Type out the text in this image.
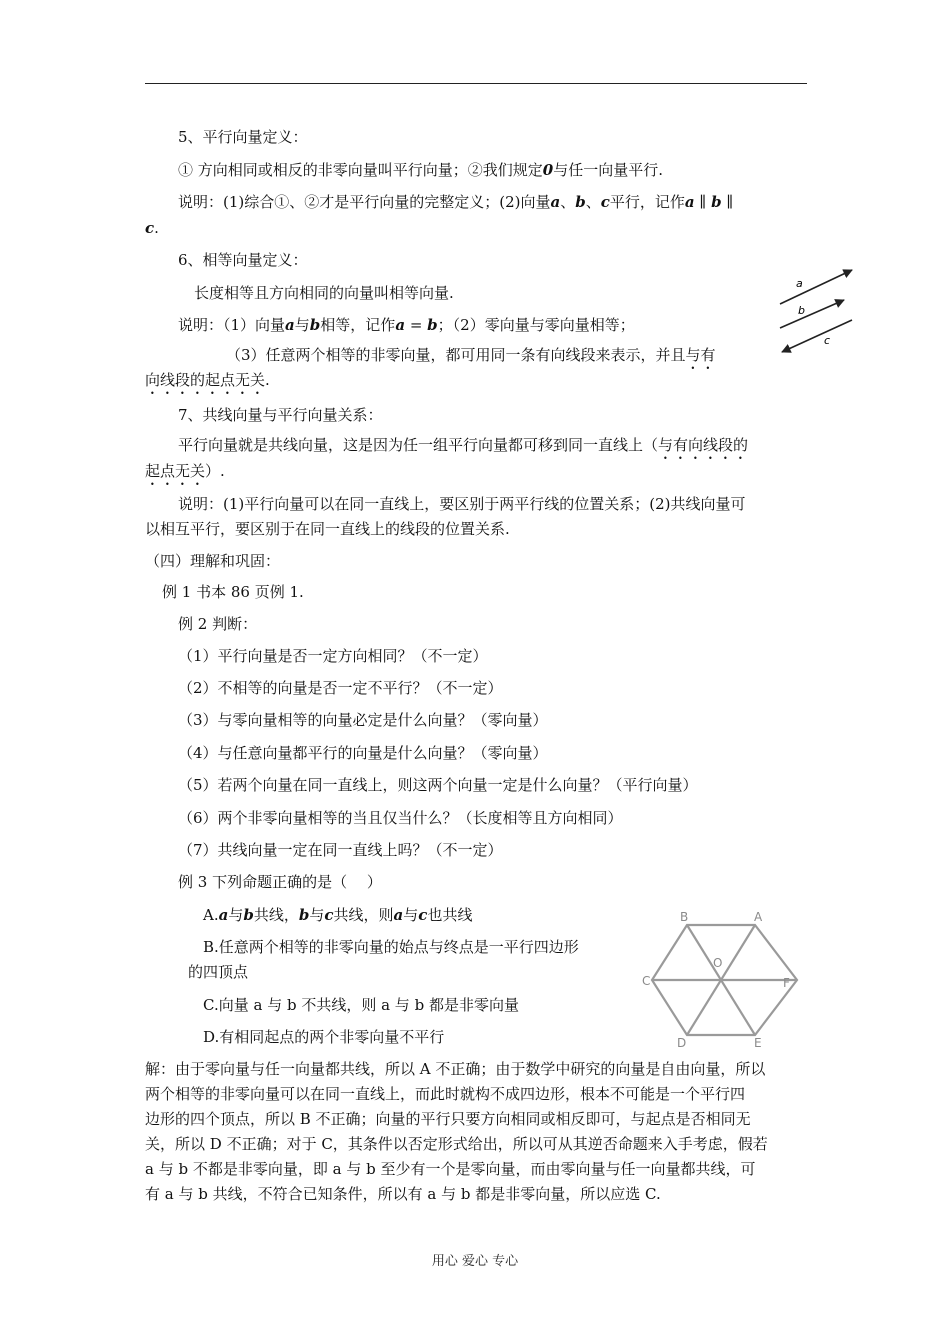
5、平行向量定义：
① 方向相同或相反的非零向量叫平行向量；②我们规定0与任一向量平行.
说明：(1)综合①、②才是平行向量的完整定义；(2)向量a、b、c平行，记作a ∥ b ∥
c.
6、相等向量定义：
长度相等且方向相同的向量叫相等向量.
说明：（1）向量a与b相等，记作a = b；（2）零向量与零向量相等；
（3）任意两个相等的非零向量，都可用同一条有向线段来表示，并且与有
向线段的起点无关.
a
b
c
7、共线向量与平行向量关系：
平行向量就是共线向量，这是因为任一组平行向量都可移到同一直线上（与有向线段的
起点无关）.
说明：(1)平行向量可以在同一直线上，要区别于两平行线的位置关系；(2)共线向量可
以相互平行，要区别于在同一直线上的线段的位置关系.
（四）理解和巩固：
例 1 书本 86 页例 1.
例 2 判断：
（1）平行向量是否一定方向相同？（不一定）
（2）不相等的向量是否一定不平行？（不一定）
（3）与零向量相等的向量必定是什么向量？（零向量）
（4）与任意向量都平行的向量是什么向量？（零向量）
（5）若两个向量在同一直线上，则这两个向量一定是什么向量？（平行向量）
（6）两个非零向量相等的当且仅当什么？（长度相等且方向相同）
（7）共线向量一定在同一直线上吗？（不一定）
例 3 下列命题正确的是（　 ）
A.a与b共线，b与c共线，则a与c也共线
B.任意两个相等的非零向量的始点与终点是一平行四边形
的四顶点
C.向量 a 与 b 不共线，则 a 与 b 都是非零向量
D.有相同起点的两个非零向量不平行
B	A
C	F
O
D	E
解：由于零向量与任一向量都共线，所以 A 不正确；由于数学中研究的向量是自由向量，所以
两个相等的非零向量可以在同一直线上，而此时就构不成四边形，根本不可能是一个平行四
边形的四个顶点，所以 B 不正确；向量的平行只要方向相同或相反即可，与起点是否相同无
关，所以 D 不正确；对于 C，其条件以否定形式给出，所以可从其逆否命题来入手考虑，假若
a 与 b 不都是非零向量，即 a 与 b 至少有一个是零向量，而由零向量与任一向量都共线，可
有 a 与 b 共线，不符合已知条件，所以有 a 与 b 都是非零向量，所以应选 C.
用心 爱心 专心
